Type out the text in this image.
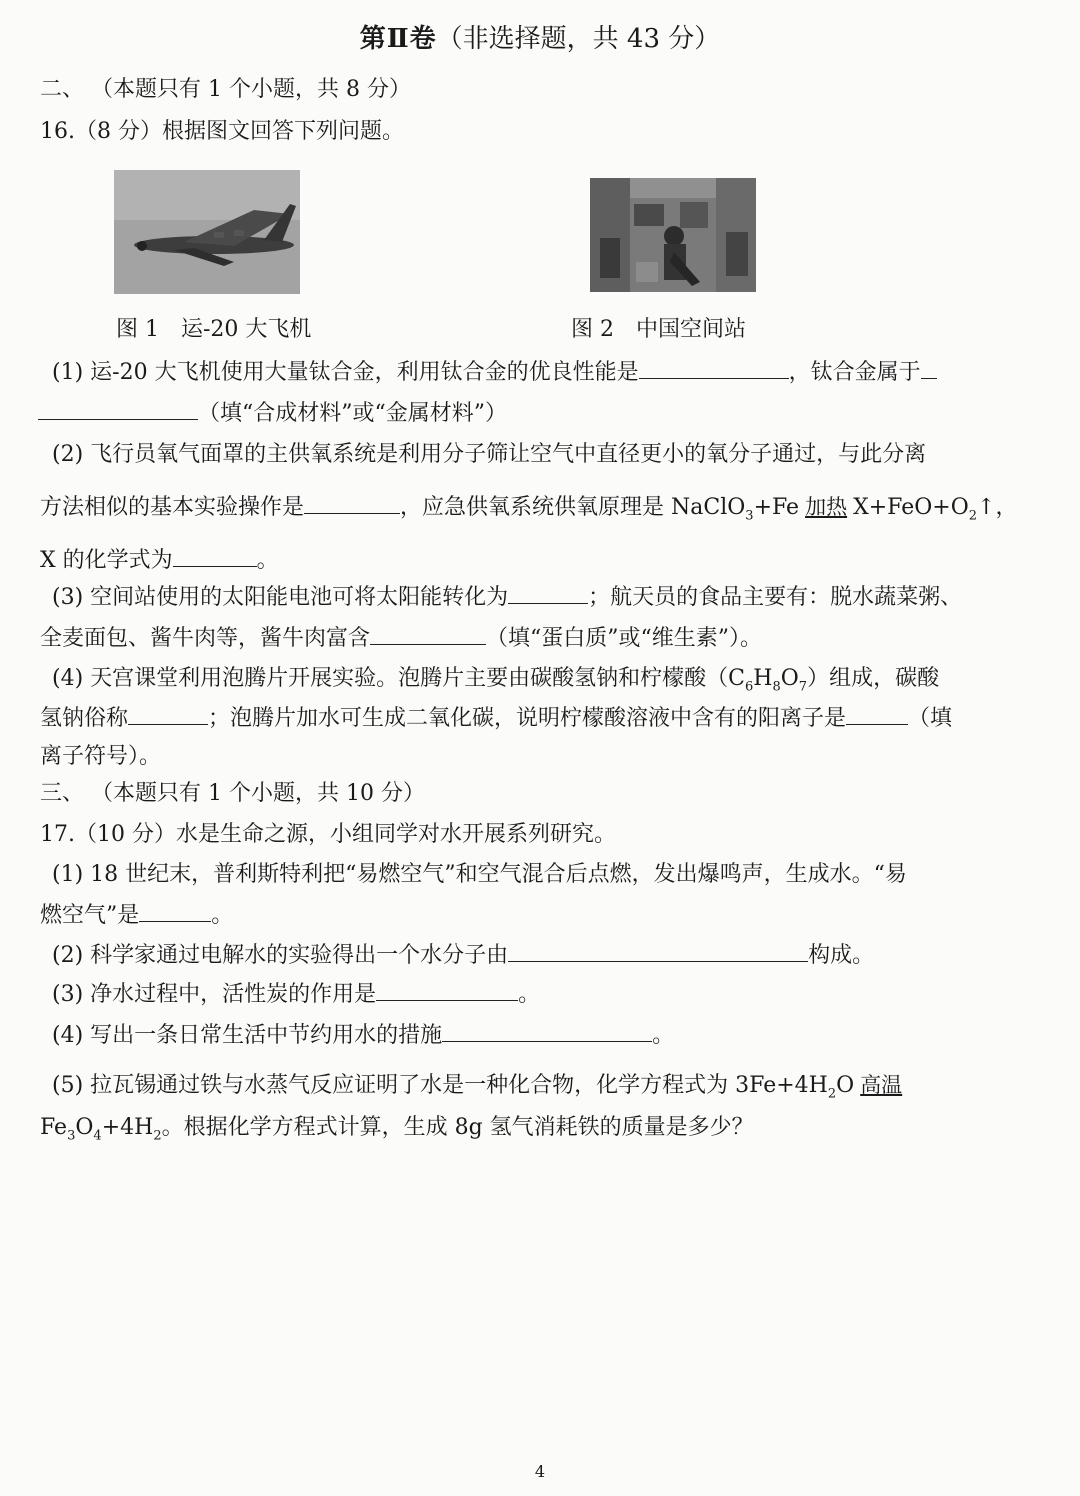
第Ⅱ卷（非选择题，共 43 分）
二、 （本题只有 1 个小题，共 8 分）
16.（8 分）根据图文回答下列问题。
图 1　运-20 大飞机	图 2　中国空间站
(1) 运-20 大飞机使用大量钛合金，利用钛合金的优良性能是	，钛合金属于
（填“合成材料”或“金属材料”）
(2) 飞行员氧气面罩的主供氧系统是利用分子筛让空气中直径更小的氧分子通过，与此分离
方法相似的基本实验操作是	，应急供氧系统供氧原理是 NaClO$_3$+Fe 加热 $X+FeO+O_2↑$，
X 的化学式为	。
(3) 空间站使用的太阳能电池可将太阳能转化为	；航天员的食品主要有：脱水蔬菜粥、
全麦面包、酱牛肉等，酱牛肉富含	（填“蛋白质”或“维生素”）。
(4) 天宫课堂利用泡腾片开展实验。泡腾片主要由碳酸氢钠和柠檬酸$(C_6H_8O_7)$组成，碳酸
氢钠俗称	；泡腾片加水可生成二氧化碳，说明柠檬酸溶液中含有的阳离子是	（填
离子符号）。
三、 （本题只有 1 个小题，共 10 分）
17.（10 分）水是生命之源，小组同学对水开展系列研究。
(1) 18 世纪末，普利斯特利把“易燃空气”和空气混合后点燃，发出爆鸣声，生成水。“易
燃空气”是	。
(2) 科学家通过电解水的实验得出一个水分子由	构成。
(3) 净水过程中，活性炭的作用是	。
(4) 写出一条日常生活中节约用水的措施	。
(5) 拉瓦锡通过铁与水蒸气反应证明了水是一种化合物，化学方程式为 $3Fe+4H_2O$ 高温
$Fe_3O_4+4H_2$。根据化学方程式计算，生成 8g 氢气消耗铁的质量是多少？
4
